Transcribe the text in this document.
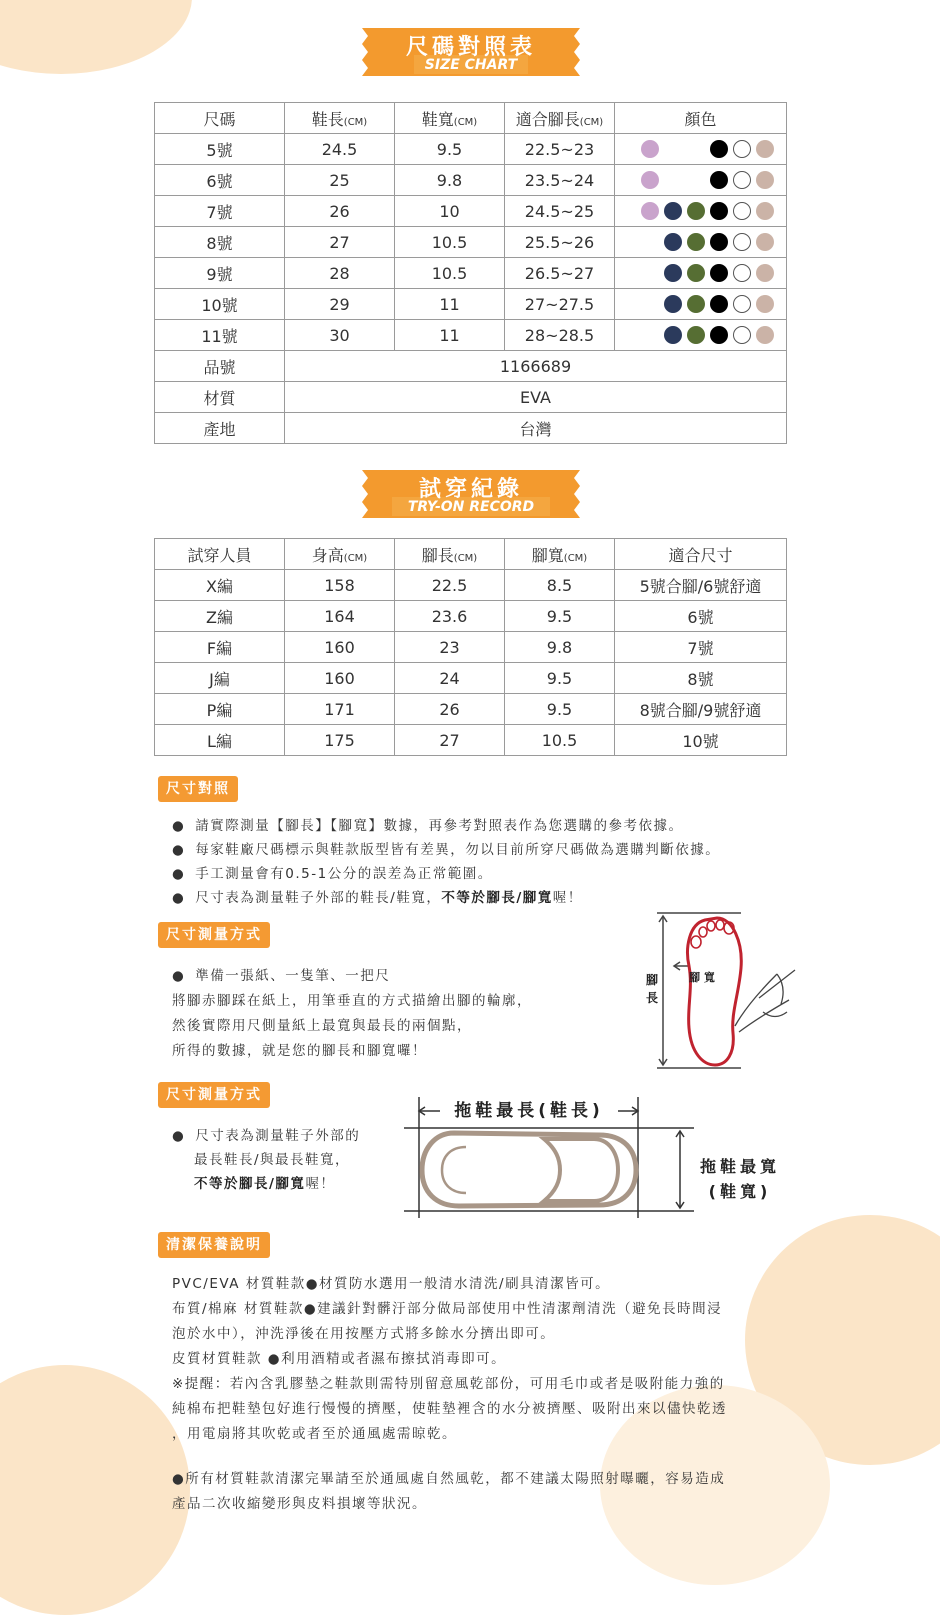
尺碼對照表
SIZE CHART
尺碼	鞋長(CM)	鞋寬(CM)	適合腳長(CM)	顏色
5號	24.5	9.5	22.5~23	

6號	25	9.8	23.5~24	

7號	26	10	24.5~25	

8號	27	10.5	25.5~26	

9號	28	10.5	26.5~27	

10號	29	11	27~27.5	

11號	30	11	28~28.5	

品號	1166689			
材質	EVA			
產地	台灣			
試穿紀錄
TRY-ON RECORD
試穿人員	身高(CM)	腳長(CM)	腳寬(CM)	適合尺寸
X編	158	22.5	8.5	5號合腳/6號舒適
Z編	164	23.6	9.5	6號
F編	160	23	9.8	7號
J編	160	24	9.5	8號
P編	171	26	9.5	8號合腳/9號舒適
L編	175	27	10.5	10號
尺寸對照
● 請實際測量【腳長】【腳寬】數據，再參考對照表作為您選購的參考依據。
● 每家鞋廠尺碼標示與鞋款版型皆有差異，勿以目前所穿尺碼做為選購判斷依據。
● 手工測量會有0.5-1公分的誤差為正常範圍。
● 尺寸表為測量鞋子外部的鞋長/鞋寬，不等於腳長/腳寬喔！
尺寸測量方式
● 準備一張紙、一隻筆、一把尺
將腳赤腳踩在紙上，用筆垂直的方式描繪出腳的輪廓，
然後實際用尺側量紙上最寬與最長的兩個點，
所得的數據，就是您的腳長和腳寬囉！
腳
長
腳 寬
尺寸測量方式
● 尺寸表為測量鞋子外部的
最長鞋長/與最長鞋寬，
不等於腳長/腳寬喔！
拖鞋最長(鞋長)
拖鞋最寬
(鞋寬)
清潔保養說明
PVC/EVA 材質鞋款●材質防水選用一般清水清洗/刷具清潔皆可。
布質/棉麻 材質鞋款●建議針對髒汙部分做局部使用中性清潔劑清洗（避免長時間浸
泡於水中），沖洗淨後在用按壓方式將多餘水分擠出即可。
皮質材質鞋款 ●利用酒精或者濕布擦拭消毒即可。
※提醒：若內含乳膠墊之鞋款則需特別留意風乾部份，可用毛巾或者是吸附能力強的
純棉布把鞋墊包好進行慢慢的擠壓，使鞋墊裡含的水分被擠壓、吸附出來以儘快乾透
，用電扇將其吹乾或者至於通風處需晾乾。
●所有材質鞋款清潔完畢請至於通風處自然風乾，都不建議太陽照射曝曬，容易造成
產品二次收縮變形與皮料損壞等狀況。
